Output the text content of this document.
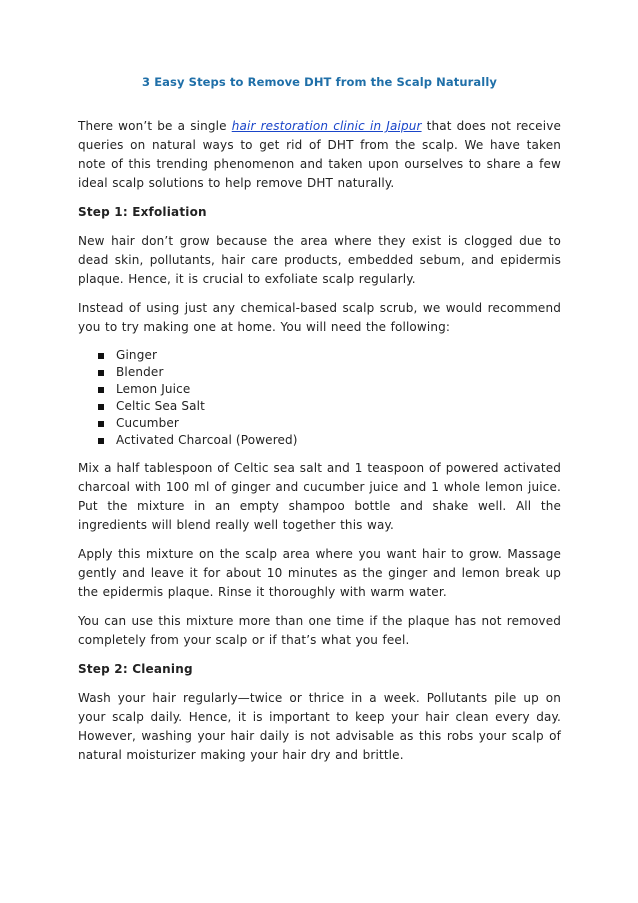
3 Easy Steps to Remove DHT from the Scalp Naturally

There won’t be a single hair restoration clinic in Jaipur that does not receive queries on natural ways to get rid of DHT from the scalp. We have taken note of this trending phenomenon and taken upon ourselves to share a few ideal scalp solutions to help remove DHT naturally.

Step 1: Exfoliation

New hair don’t grow because the area where they exist is clogged due to dead skin, pollutants, hair care products, embedded sebum, and epidermis plaque. Hence, it is crucial to exfoliate scalp regularly.

Instead of using just any chemical-based scalp scrub, we would recommend you to try making one at home. You will need the following:

Ginger
Blender
Lemon Juice
Celtic Sea Salt
Cucumber
Activated Charcoal (Powered)

Mix a half tablespoon of Celtic sea salt and 1 teaspoon of powered activated charcoal with 100 ml of ginger and cucumber juice and 1 whole lemon juice. Put the mixture in an empty shampoo bottle and shake well. All the ingredients will blend really well together this way.

Apply this mixture on the scalp area where you want hair to grow. Massage gently and leave it for about 10 minutes as the ginger and lemon break up the epidermis plaque. Rinse it thoroughly with warm water.

You can use this mixture more than one time if the plaque has not removed completely from your scalp or if that’s what you feel.

Step 2: Cleaning

Wash your hair regularly—twice or thrice in a week. Pollutants pile up on your scalp daily. Hence, it is important to keep your hair clean every day. However, washing your hair daily is not advisable as this robs your scalp of natural moisturizer making your hair dry and brittle.
